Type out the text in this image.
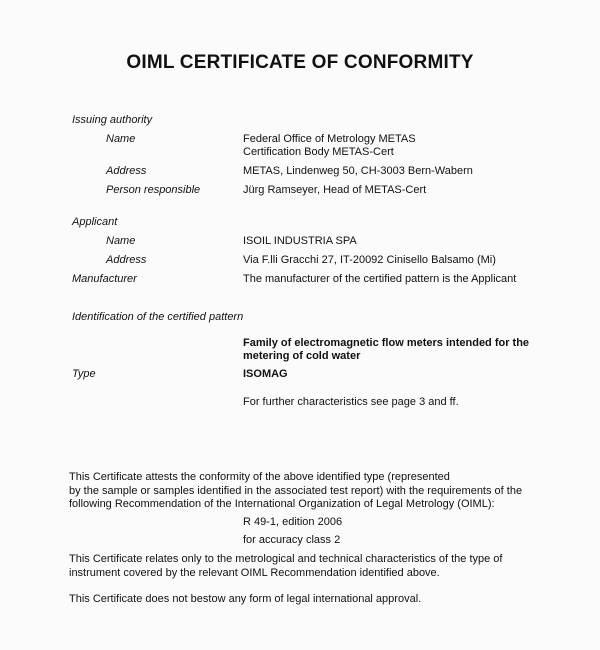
OIML CERTIFICATE OF CONFORMITY
Issuing authority
Name	Federal Office of Metrology METAS
Certification Body METAS-Cert
Address	METAS, Lindenweg 50, CH-3003 Bern-Wabern
Person responsible	Jürg Ramseyer, Head of METAS-Cert
Applicant
Name	ISOIL INDUSTRIA SPA
Address	Via F.lli Gracchi 27, IT-20092 Cinisello Balsamo (Mi)
Manufacturer	The manufacturer of the certified pattern is the Applicant
Identification of the certified pattern
Family of electromagnetic flow meters intended for the
metering of cold water
Type	ISOMAG
For further characteristics see page 3 and ff.
This Certificate attests the conformity of the above identified type (represented
by the sample or samples identified in the associated test report) with the requirements of the
following Recommendation of the International Organization of Legal Metrology (OIML):
R 49-1, edition 2006
for accuracy class 2
This Certificate relates only to the metrological and technical characteristics of the type of
instrument covered by the relevant OIML Recommendation identified above.
This Certificate does not bestow any form of legal international approval.
